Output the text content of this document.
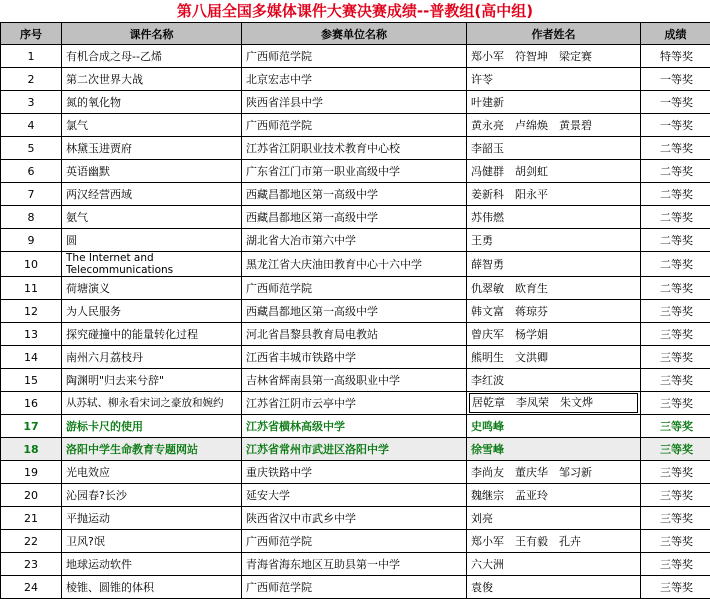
第八届全国多媒体课件大赛决赛成绩--普教组(高中组)
序号	课件名称	参赛单位名称	作者姓名	成绩
1	有机合成之母--乙烯	广西师范学院	郑小军　符智坤　梁定赛	特等奖
2	第二次世界大战	北京宏志中学	许苓	一等奖
3	氮的氧化物	陕西省洋县中学	叶建新	一等奖
4	氯气	广西师范学院	黄永亮　卢绵焕　黄景碧	一等奖
5	林黛玉进贾府	江苏省江阴职业技术教育中心校	李韶玉	二等奖
6	英语幽默	广东省江门市第一职业高级中学	冯健群　胡剑虹	二等奖
7	两汉经营西域	西藏昌都地区第一高级中学	姜新科　阳永平	二等奖
8	氨气	西藏昌都地区第一高级中学	苏伟燃	二等奖
9	圆	湖北省大冶市第六中学	王勇	二等奖
10	The Internet and Telecommunications	黑龙江省大庆油田教育中心十六中学	薛智勇	二等奖
11	荷塘演义	广西师范学院	仇翠敏　欧育生	二等奖
12	为人民服务	西藏昌都地区第一高级中学	韩文富　蒋琼芬	三等奖
13	探究碰撞中的能量转化过程	河北省昌黎县教育局电教站	曾庆军　杨学娟	三等奖
14	南州六月荔枝丹	江西省丰城市铁路中学	熊明生　文洪卿	三等奖
15	陶渊明"归去来兮辞"	吉林省辉南县第一高级职业中学	李红波	三等奖
16	从苏轼、柳永看宋词之豪放和婉约	江苏省江阴市云亭中学	居乾章　李凤荣　朱文烨	三等奖
17	游标卡尺的使用	江苏省横林高级中学	史鸣峰	三等奖
18	洛阳中学生命教育专题网站	江苏省常州市武进区洛阳中学	徐雪峰	三等奖
19	光电效应	重庆铁路中学	李尚友　董庆华　邹习新	三等奖
20	沁园春?长沙	延安大学	魏继宗　孟亚玲	三等奖
21	平抛运动	陕西省汉中市武乡中学	刘亮	三等奖
22	卫风?氓	广西师范学院	郑小军　王有毅　孔卉	三等奖
23	地球运动软件	青海省海东地区互助县第一中学	六大洲	三等奖
24	棱锥、圆锥的体积	广西师范学院	袁俊	三等奖
